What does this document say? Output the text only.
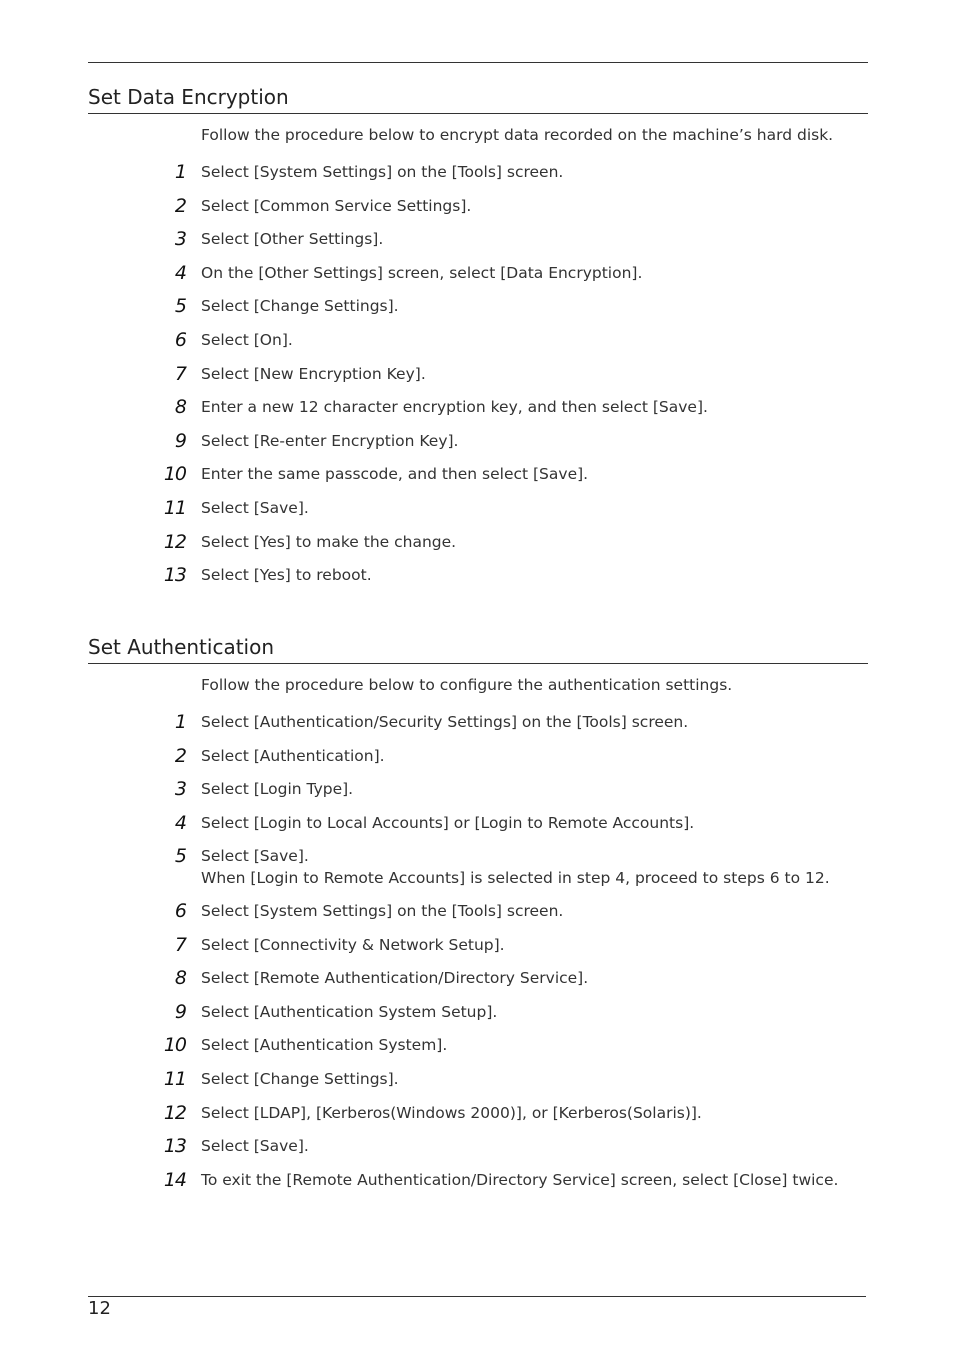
Set Data Encryption

Follow the procedure below to encrypt data recorded on the machine’s hard disk.

1 Select [System Settings] on the [Tools] screen.
2 Select [Common Service Settings].
3 Select [Other Settings].
4 On the [Other Settings] screen, select [Data Encryption].
5 Select [Change Settings].
6 Select [On].
7 Select [New Encryption Key].
8 Enter a new 12 character encryption key, and then select [Save].
9 Select [Re-enter Encryption Key].
10 Enter the same passcode, and then select [Save].
11 Select [Save].
12 Select [Yes] to make the change.
13 Select [Yes] to reboot.
Set Authentication

Follow the procedure below to configure the authentication settings.

1 Select [Authentication/Security Settings] on the [Tools] screen.
2 Select [Authentication].
3 Select [Login Type].
4 Select [Login to Local Accounts] or [Login to Remote Accounts].
5 Select [Save].
When [Login to Remote Accounts] is selected in step 4, proceed to steps 6 to 12.
6 Select [System Settings] on the [Tools] screen.
7 Select [Connectivity & Network Setup].
8 Select [Remote Authentication/Directory Service].
9 Select [Authentication System Setup].
10 Select [Authentication System].
11 Select [Change Settings].
12 Select [LDAP], [Kerberos(Windows 2000)], or [Kerberos(Solaris)].
13 Select [Save].
14 To exit the [Remote Authentication/Directory Service] screen, select [Close] twice.
12
